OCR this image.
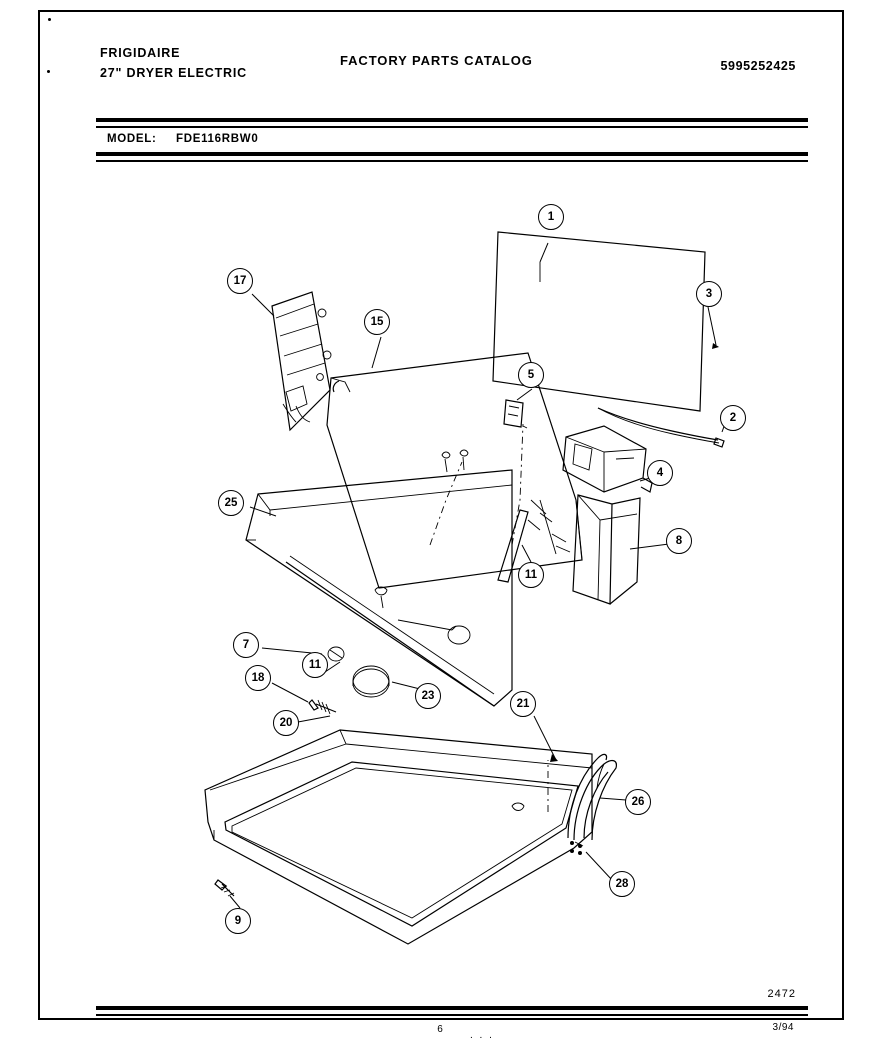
FRIGIDAIRE
27" DRYER ELECTRIC
FACTORY PARTS CATALOG	5995252425
MODEL: FDE116RBW0
2472
6	3/94
. . .
1
3
2
4
5
8
17
15
25
11
7
11
18
20
23
21
26
28
9
